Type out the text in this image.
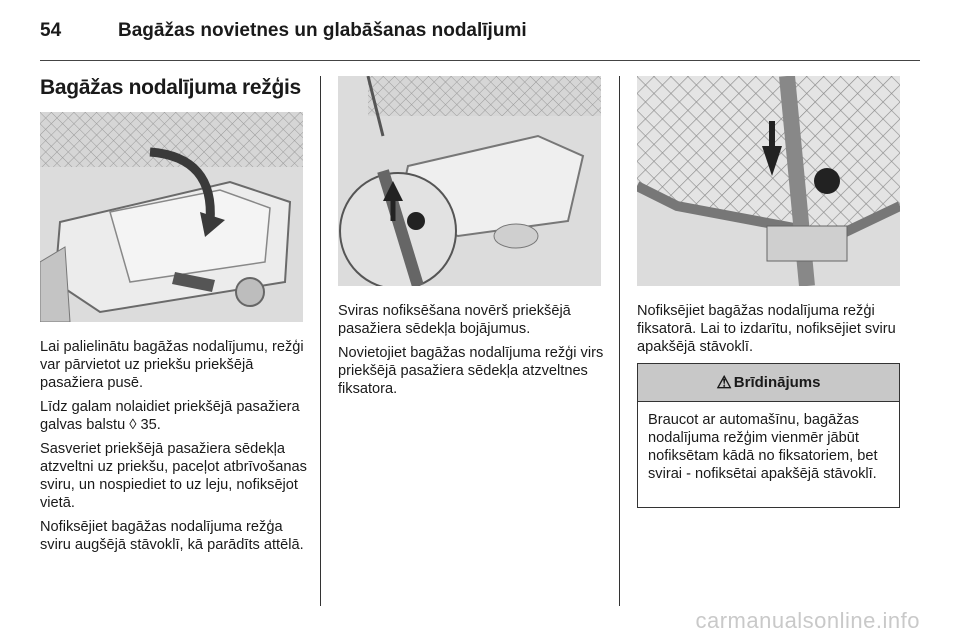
54	Bagāžas novietnes un glabāšanas nodalījumi
Bagāžas nodalījuma režģis

Lai palielinātu bagāžas nodalījumu, režģi var pārvietot uz priekšu priekšējā pasažiera pusē.

Līdz galam nolaidiet priekšējā pasažiera galvas balstu ◊ 35.

Sasveriet priekšējā pasažiera sēdekļa atzveltni uz priekšu, paceļot atbrīvošanas sviru, un nospiediet to uz leju, nofiksējot vietā.

Nofiksējiet bagāžas nodalījuma režģa sviru augšējā stāvoklī, kā parādīts attēlā.

Sviras nofiksēšana novērš priekšējā pasažiera sēdekļa bojājumus.

Novietojiet bagāžas nodalījuma režģi virs priekšējā pasažiera sēdekļa atzveltnes fiksatora.

Nofiksējiet bagāžas nodalījuma režģi fiksatorā. Lai to izdarītu, nofiksējiet sviru apakšējā stāvoklī.

⚠ Brīdinājums
Braucot ar automašīnu, bagāžas nodalījuma režģim vienmēr jābūt nofiksētam kādā no fiksatoriem, bet svirai - nofiksētai apakšējā stāvoklī.
carmanualsonline.info
